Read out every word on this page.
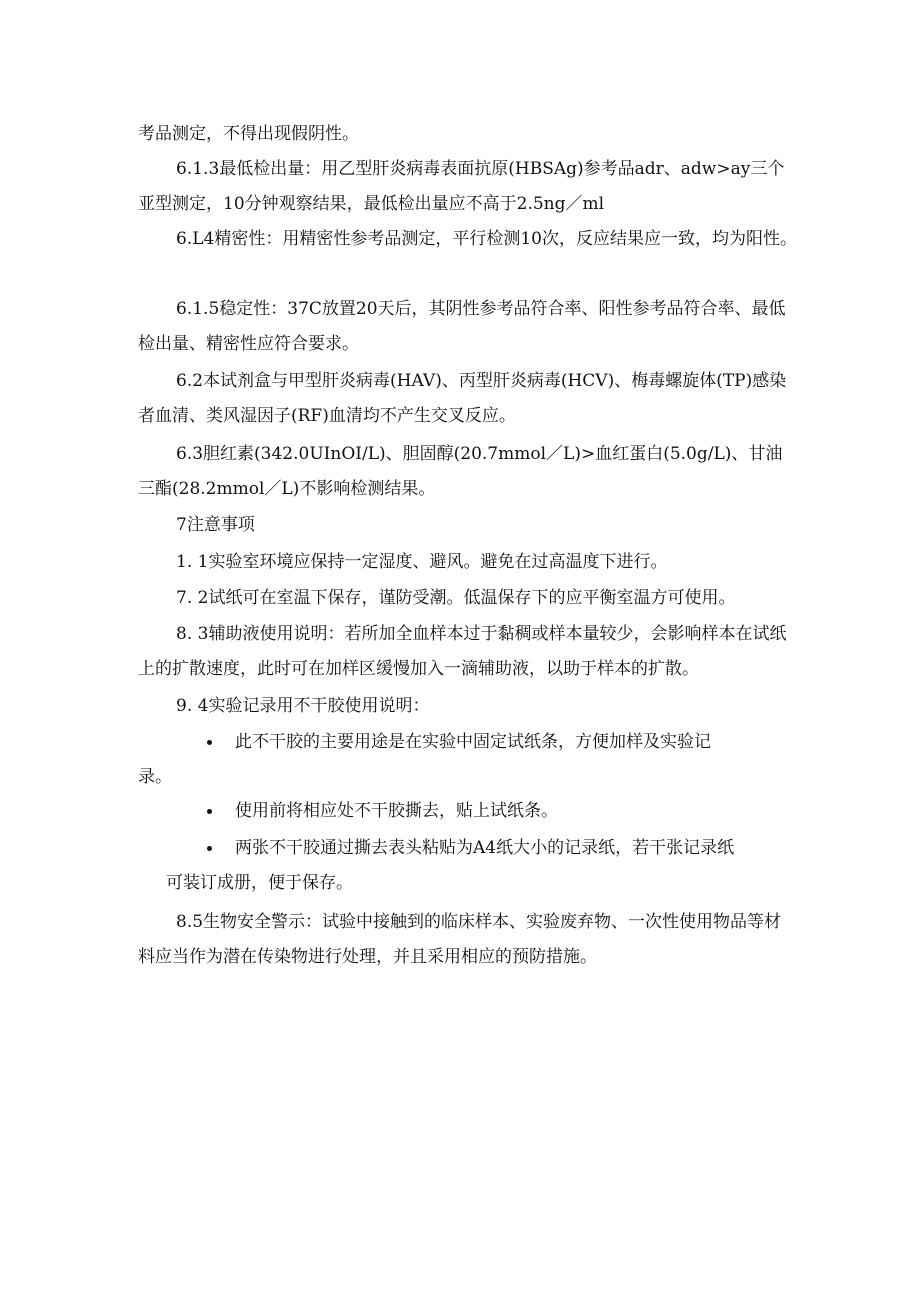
考品测定，不得出现假阴性。

6.1.3最低检出量：用乙型肝炎病毒表面抗原(HBSAg)参考品adr、adw>ay三个亚型测定，10分钟观察结果，最低检出量应不高于2.5ng／ml

6.L4精密性：用精密性参考品测定，平行检测10次，反应结果应一致，均为阳性。

6.1.5稳定性：37C放置20天后，其阴性参考品符合率、阳性参考品符合率、最低检出量、精密性应符合要求。

6.2本试剂盒与甲型肝炎病毒(HAV)、丙型肝炎病毒(HCV)、梅毒螺旋体(TP)感染者血清、类风湿因子(RF)血清均不产生交叉反应。

6.3胆红素(342.0UInOI/L)、胆固醇(20.7mmol／L)>血红蛋白(5.0g/L)、甘油三酯(28.2mmol／L)不影响检测结果。

7注意事项

1. 1实验室环境应保持一定湿度、避风。避免在过高温度下进行。

7. 2试纸可在室温下保存，谨防受潮。低温保存下的应平衡室温方可使用。

8. 3辅助液使用说明：若所加全血样本过于黏稠或样本量较少，会影响样本在试纸上的扩散速度，此时可在加样区缓慢加入一滴辅助液，以助于样本的扩散。

9. 4实验记录用不干胶使用说明：

此不干胶的主要用途是在实验中固定试纸条，方便加样及实验记

录。

使用前将相应处不干胶撕去，贴上试纸条。

两张不干胶通过撕去表头粘贴为A4纸大小的记录纸，若干张记录纸

可装订成册，便于保存。

8.5生物安全警示：试验中接触到的临床样本、实验废弃物、一次性使用物品等材料应当作为潜在传染物进行处理，并且采用相应的预防措施。
